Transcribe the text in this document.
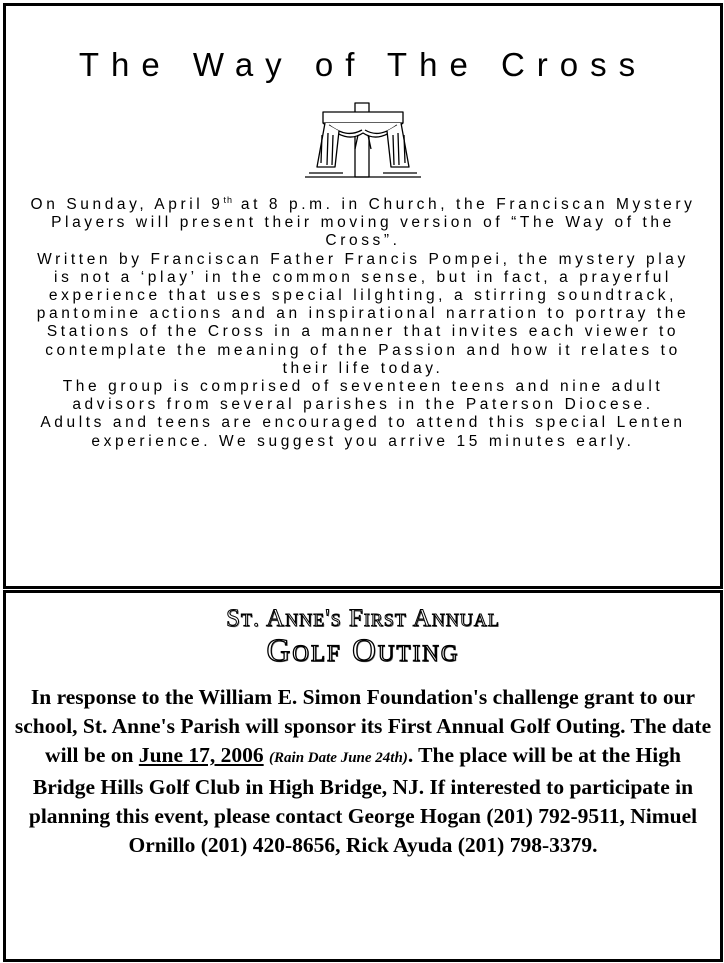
The Way of The Cross

On Sunday, April 9th at 8 p.m. in Church, the Franciscan Mystery Players will present their moving version of “The Way of the Cross”.

Written by Franciscan Father Francis Pompei, the mystery play is not a ‘play’ in the common sense, but in fact, a prayerful experience that uses special lilghting, a stirring soundtrack, pantomine actions and an inspirational narration to portray the Stations of the Cross in a manner that invites each viewer to contemplate the meaning of the Passion and how it relates to their life today.

The group is comprised of seventeen teens and nine adult advisors from several parishes in the Paterson Diocese.

Adults and teens are encouraged to attend this special Lenten experience. We suggest you arrive 15 minutes early.

St. Anne's First Annual
Golf Outing
In response to the William E. Simon Foundation's challenge grant to our school, St. Anne's Parish will sponsor its First Annual Golf Outing. The date will be on June 17, 2006 (Rain Date June 24th). The place will be at the High Bridge Hills Golf Club in High Bridge, NJ. If interested to participate in planning this event, please contact George Hogan (201) 792-9511, Nimuel Ornillo (201) 420-8656, Rick Ayuda (201) 798-3379.
